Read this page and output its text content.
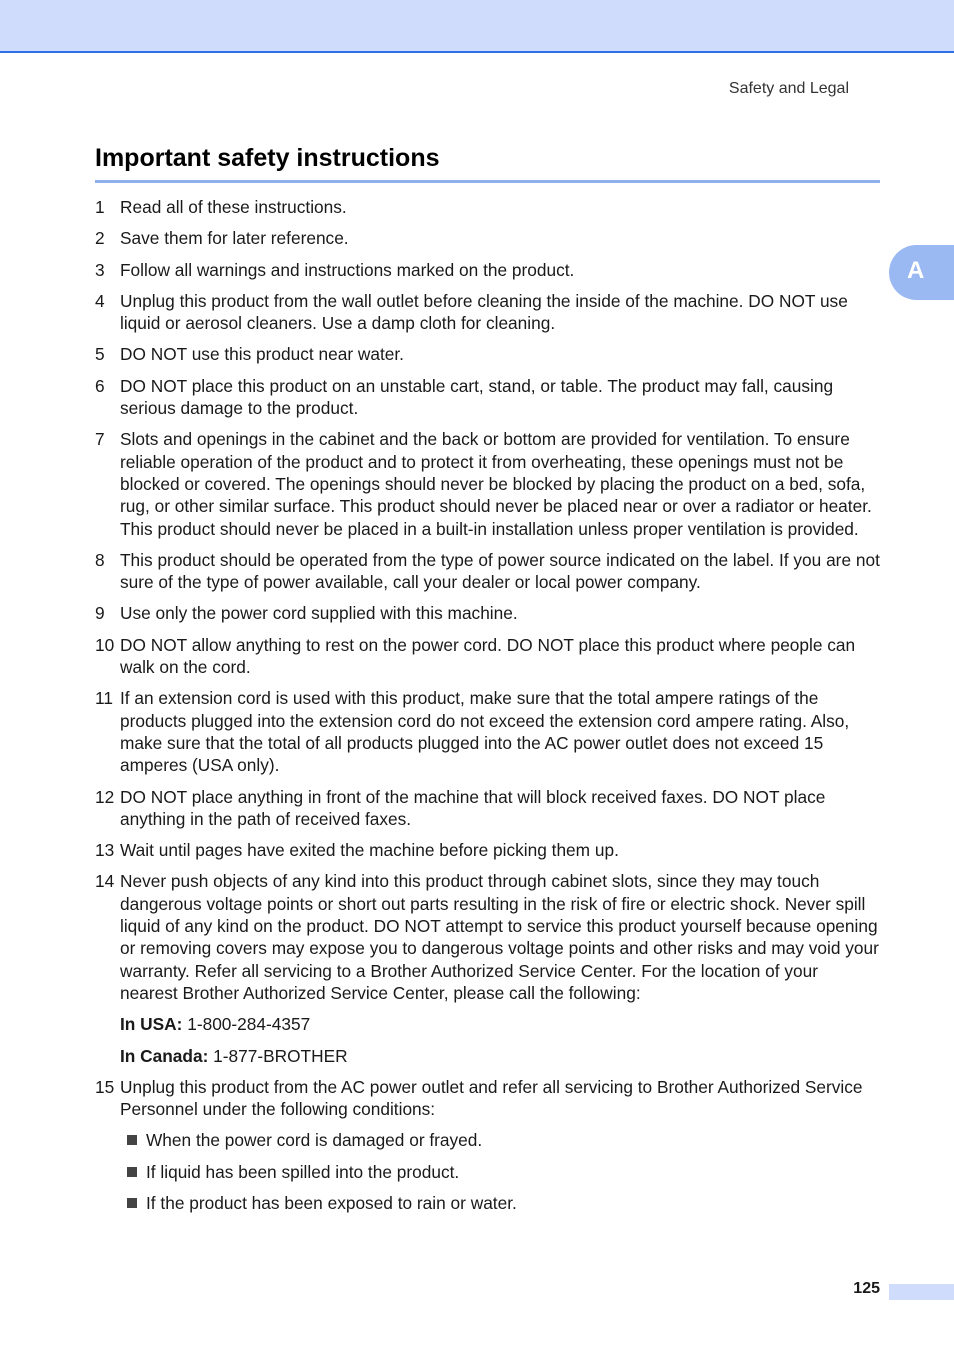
Safety and Legal
Important safety instructions
A
1 Read all of these instructions.
2 Save them for later reference.
3 Follow all warnings and instructions marked on the product.
4 Unplug this product from the wall outlet before cleaning the inside of the machine. DO NOT use liquid or aerosol cleaners. Use a damp cloth for cleaning.
5 DO NOT use this product near water.
6 DO NOT place this product on an unstable cart, stand, or table. The product may fall, causing serious damage to the product.
7 Slots and openings in the cabinet and the back or bottom are provided for ventilation. To ensure reliable operation of the product and to protect it from overheating, these openings must not be blocked or covered. The openings should never be blocked by placing the product on a bed, sofa, rug, or other similar surface. This product should never be placed near or over a radiator or heater. This product should never be placed in a built-in installation unless proper ventilation is provided.
8 This product should be operated from the type of power source indicated on the label. If you are not sure of the type of power available, call your dealer or local power company.
9 Use only the power cord supplied with this machine.
10 DO NOT allow anything to rest on the power cord. DO NOT place this product where people can walk on the cord.
11 If an extension cord is used with this product, make sure that the total ampere ratings of the products plugged into the extension cord do not exceed the extension cord ampere rating. Also, make sure that the total of all products plugged into the AC power outlet does not exceed 15 amperes (USA only).
12 DO NOT place anything in front of the machine that will block received faxes. DO NOT place anything in the path of received faxes.
13 Wait until pages have exited the machine before picking them up.
14 Never push objects of any kind into this product through cabinet slots, since they may touch dangerous voltage points or short out parts resulting in the risk of fire or electric shock. Never spill liquid of any kind on the product. DO NOT attempt to service this product yourself because opening or removing covers may expose you to dangerous voltage points and other risks and may void your warranty. Refer all servicing to a Brother Authorized Service Center. For the location of your nearest Brother Authorized Service Center, please call the following:
In USA: 1-800-284-4357
In Canada: 1-877-BROTHER
15 Unplug this product from the AC power outlet and refer all servicing to Brother Authorized Service Personnel under the following conditions:
When the power cord is damaged or frayed.
If liquid has been spilled into the product.
If the product has been exposed to rain or water.
125
